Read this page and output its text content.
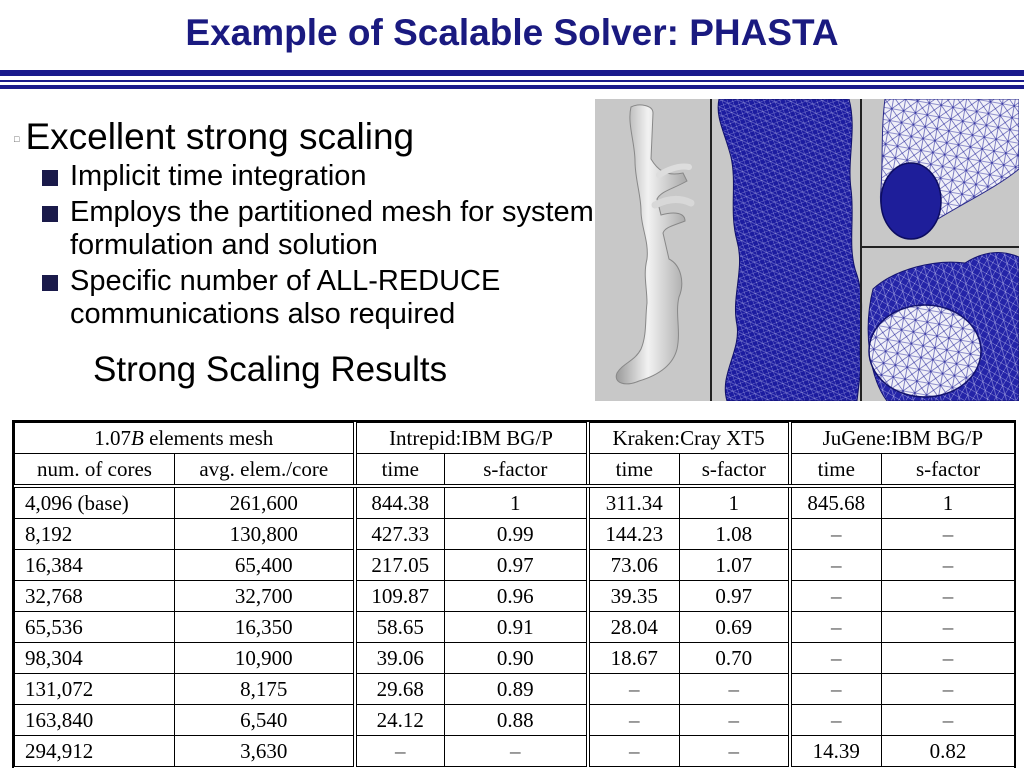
Example of Scalable Solver: PHASTA
□ Excellent strong scaling
Implicit time integration
Employs the partitioned mesh for system formulation and solution
Specific number of ALL-REDUCE communications also required
Strong Scaling Results
1.07B elements mesh		Intrepid:IBM BG/P		Kraken:Cray XT5		JuGene:IBM BG/P	
num. of cores	avg. elem./core	time	s-factor	time	s-factor	time	s-factor
4,096 (base)	261,600	844.38	1	311.34	1	845.68	1
8,192	130,800	427.33	0.99	144.23	1.08	–	–
16,384	65,400	217.05	0.97	73.06	1.07	–	–
32,768	32,700	109.87	0.96	39.35	0.97	–	–
65,536	16,350	58.65	0.91	28.04	0.69	–	–
98,304	10,900	39.06	0.90	18.67	0.70	–	–
131,072	8,175	29.68	0.89	–	–	–	–
163,840	6,540	24.12	0.88	–	–	–	–
294,912	3,630	–	–	–	–	14.39	0.82
